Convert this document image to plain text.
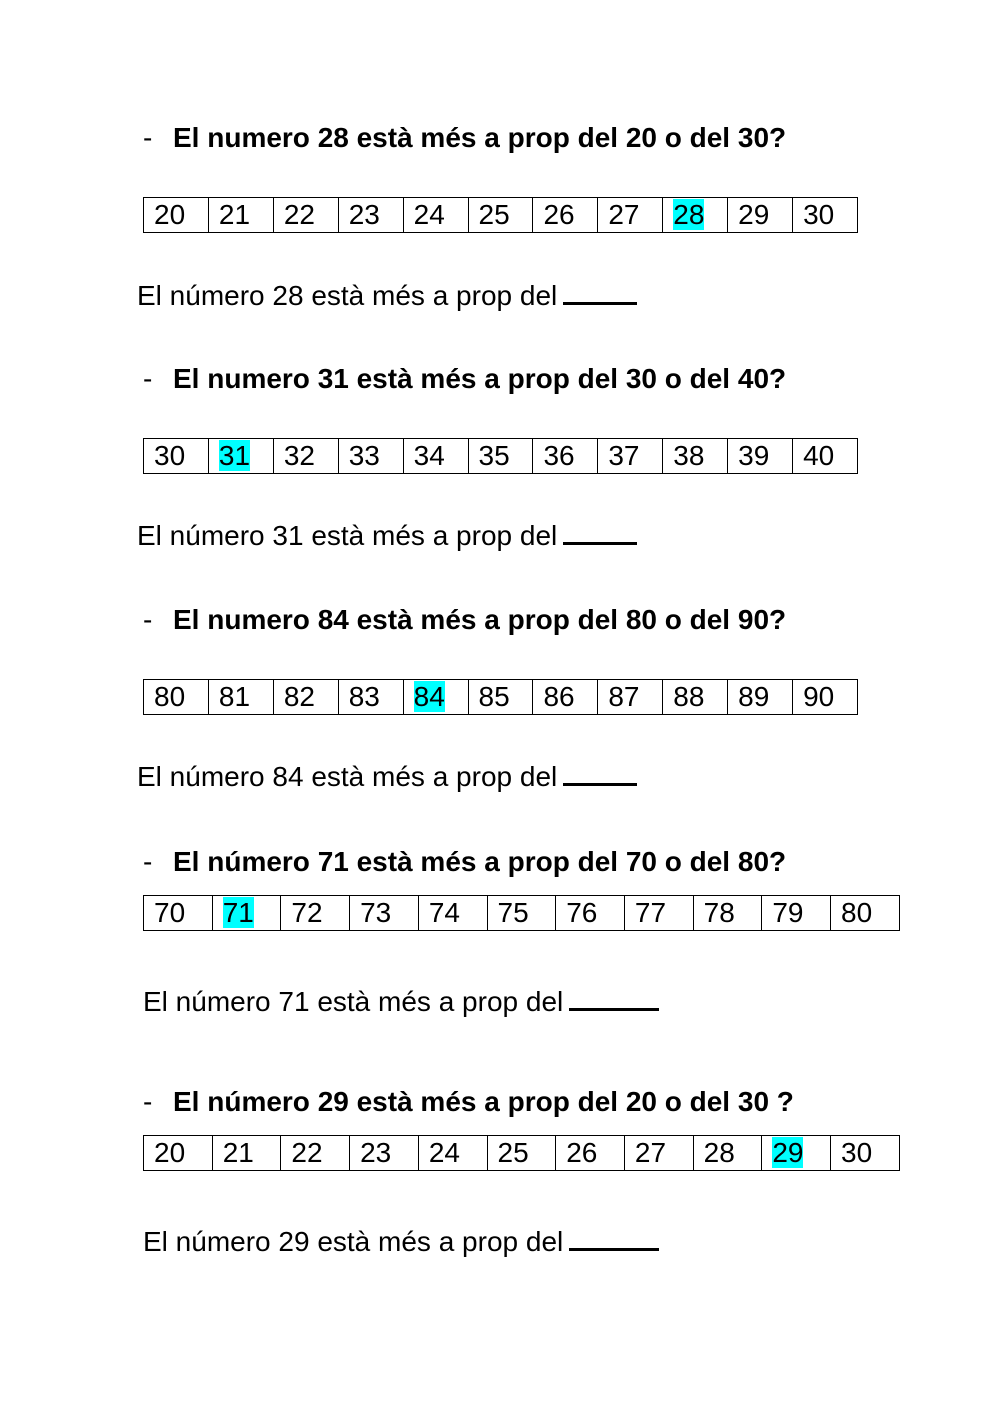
- El numero 28 està més a prop del 20 o del 30?
20	21	22	23	24	25	26	27	28	29	30
El número 28 està més a prop del
- El numero 31 està més a prop del 30 o del 40?
30	31	32	33	34	35	36	37	38	39	40
El número 31 està més a prop del
- El numero 84 està més a prop del 80 o del 90?
80	81	82	83	84	85	86	87	88	89	90
El número 84 està més a prop del
- El número 71 està més a prop del 70 o del 80?
70	71	72	73	74	75	76	77	78	79	80
El número 71 està més a prop del
- El número 29 està més a prop del 20 o del 30 ?
20	21	22	23	24	25	26	27	28	29	30
El número 29 està més a prop del
